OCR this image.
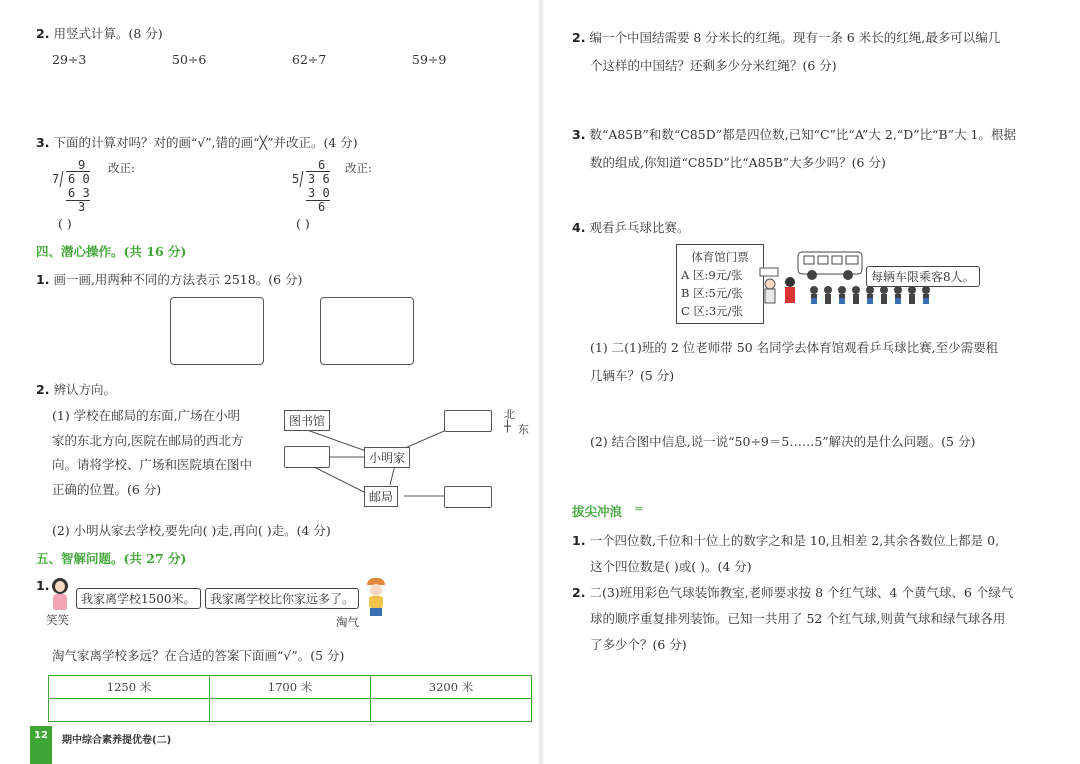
2. 用竖式计算。(8 分)
29÷3	50÷6	62÷7	59÷9
3. 下面的计算对吗？对的画“√”,错的画“╳”并改正。(4 分)
9
7 6 0
6 3
3
改正:
( )
6
5 3 6
3 0
6
改正:
( )
四、潜心操作。(共 16 分)
1. 画一画,用两种不同的方法表示 2518。(6 分)
2. 辨认方向。
(1) 学校在邮局的东面,广场在小明
家的东北方向,医院在邮局的西北方
向。请将学校、广场和医院填在图中
正确的位置。(6 分)
图书馆
小明家
邮局
北
┼ 东
(2) 小明从家去学校,要先向( )走,再向( )走。(4 分)
五、智解问题。(共 27 分)
1.
笑笑
我家离学校1500米。	我家离学校比你家远多了。
淘气
淘气家离学校多远？在合适的答案下面画“√”。(5 分)
1250 米	1700 米	3200 米

12	期中综合素养提优卷(二)
2. 编一个中国结需要 8 分米长的红绳。现有一条 6 米长的红绳,最多可以编几
个这样的中国结？还剩多少分米红绳？(6 分)
3. 数“A85B”和数“C85D”都是四位数,已知“C”比“A”大 2,“D”比“B”大 1。根据
数的组成,你知道“C85D”比“A85B”大多少吗？(6 分)
4. 观看乒乓球比赛。
体育馆门票
A 区:9元/张
B 区:5元/张
C 区:3元/张
每辆车限乘客8人。
(1) 二(1)班的 2 位老师带 50 名同学去体育馆观看乒乓球比赛,至少需要租
几辆车？(5 分)
(2) 结合图中信息,说一说“50÷9＝5……5”解决的是什么问题。(5 分)
拔尖冲浪 ≈
1. 一个四位数,千位和十位上的数字之和是 10,且相差 2,其余各数位上都是 0,
这个四位数是( )或( )。(4 分)
2. 二(3)班用彩色气球装饰教室,老师要求按 8 个红气球、4 个黄气球、6 个绿气
球的顺序重复排列装饰。已知一共用了 52 个红气球,则黄气球和绿气球各用
了多少个？(6 分)
